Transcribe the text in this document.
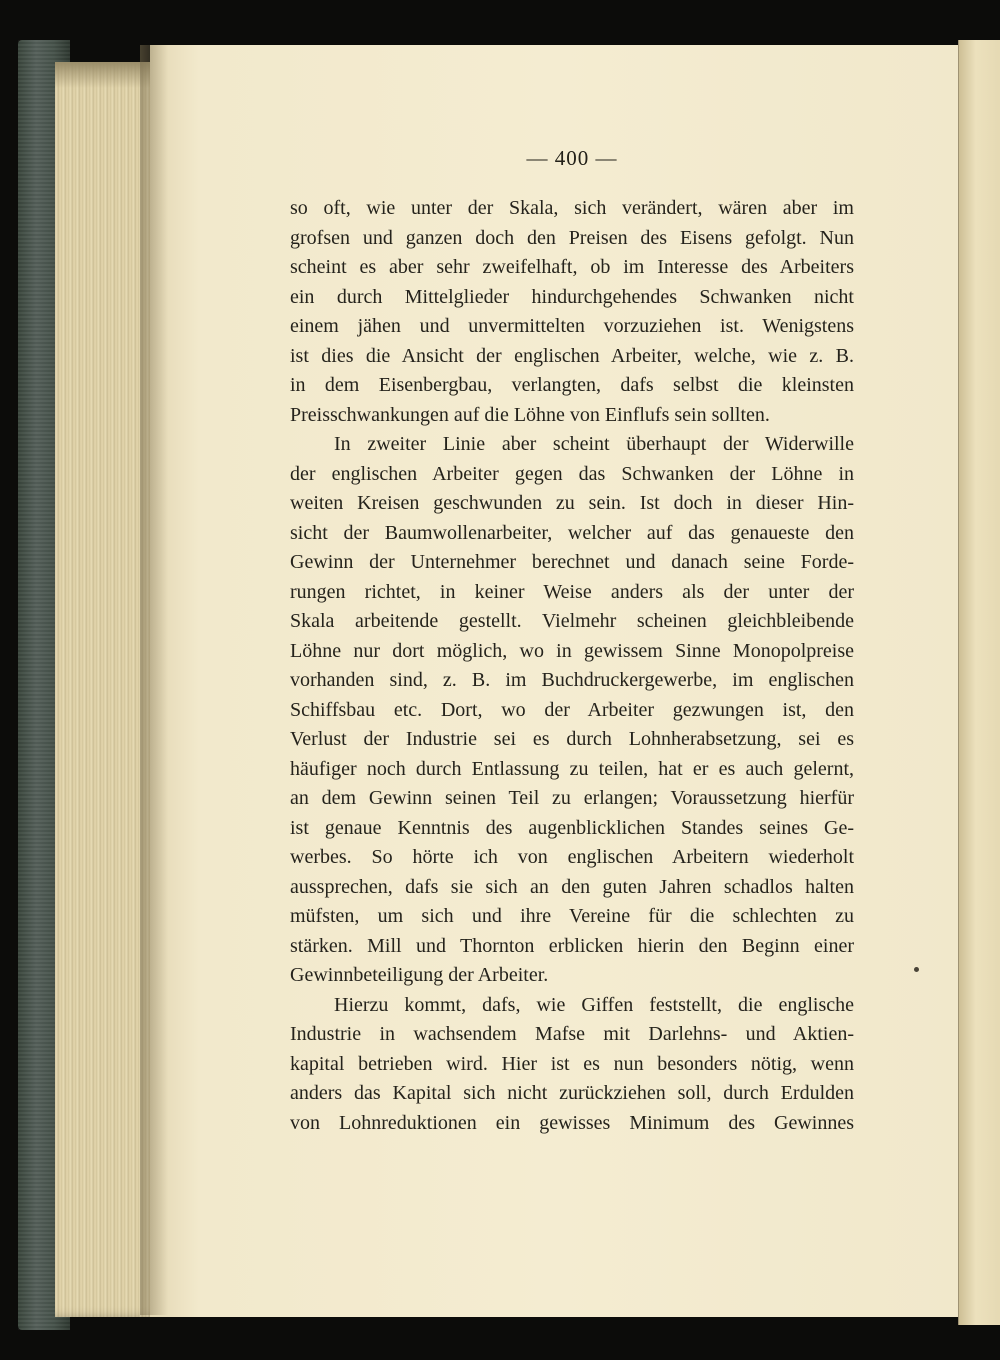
— 400 —
so oft, wie unter der Skala, sich verändert, wären aber im
grofsen und ganzen doch den Preisen des Eisens gefolgt. Nun
scheint es aber sehr zweifelhaft, ob im Interesse des Arbeiters
ein durch Mittelglieder hindurchgehendes Schwanken nicht
einem jähen und unvermittelten vorzuziehen ist. Wenigstens
ist dies die Ansicht der englischen Arbeiter, welche, wie z. B.
in dem Eisenbergbau, verlangten, dafs selbst die kleinsten
Preisschwankungen auf die Löhne von Einflufs sein sollten.
In zweiter Linie aber scheint überhaupt der Widerwille
der englischen Arbeiter gegen das Schwanken der Löhne in
weiten Kreisen geschwunden zu sein. Ist doch in dieser Hin-
sicht der Baumwollenarbeiter, welcher auf das genaueste den
Gewinn der Unternehmer berechnet und danach seine Forde-
rungen richtet, in keiner Weise anders als der unter der
Skala arbeitende gestellt. Vielmehr scheinen gleichbleibende
Löhne nur dort möglich, wo in gewissem Sinne Monopolpreise
vorhanden sind, z. B. im Buchdruckergewerbe, im englischen
Schiffsbau etc. Dort, wo der Arbeiter gezwungen ist, den
Verlust der Industrie sei es durch Lohnherabsetzung, sei es
häufiger noch durch Entlassung zu teilen, hat er es auch gelernt,
an dem Gewinn seinen Teil zu erlangen; Voraussetzung hierfür
ist genaue Kenntnis des augenblicklichen Standes seines Ge-
werbes. So hörte ich von englischen Arbeitern wiederholt
aussprechen, dafs sie sich an den guten Jahren schadlos halten
müfsten, um sich und ihre Vereine für die schlechten zu
stärken. Mill und Thornton erblicken hierin den Beginn einer
Gewinnbeteiligung der Arbeiter.
Hierzu kommt, dafs, wie Giffen feststellt, die englische
Industrie in wachsendem Mafse mit Darlehns- und Aktien-
kapital betrieben wird. Hier ist es nun besonders nötig, wenn
anders das Kapital sich nicht zurückziehen soll, durch Erdulden
von Lohnreduktionen ein gewisses Minimum des Gewinnes
